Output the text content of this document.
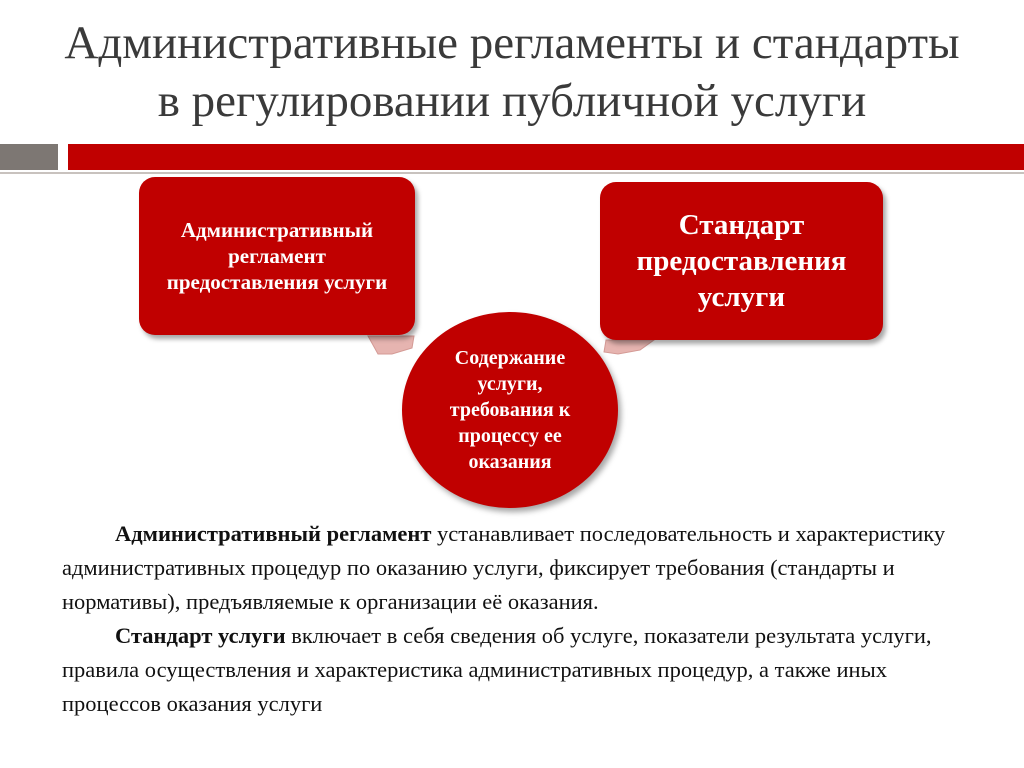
Административные регламенты и стандарты
в регулировании публичной услуги
Административный регламент предоставления услуги
Стандарт предоставления услуги
Содержание услуги, требования к процессу ее оказания

Административный регламент устанавливает последовательность и характеристику административных процедур по оказанию услуги, фиксирует требования (стандарты и нормативы), предъявляемые к организации её оказания.

Стандарт услуги включает в себя сведения об услуге, показатели результата услуги, правила осуществления и характеристика административных процедур, а также иных процессов оказания услуги
